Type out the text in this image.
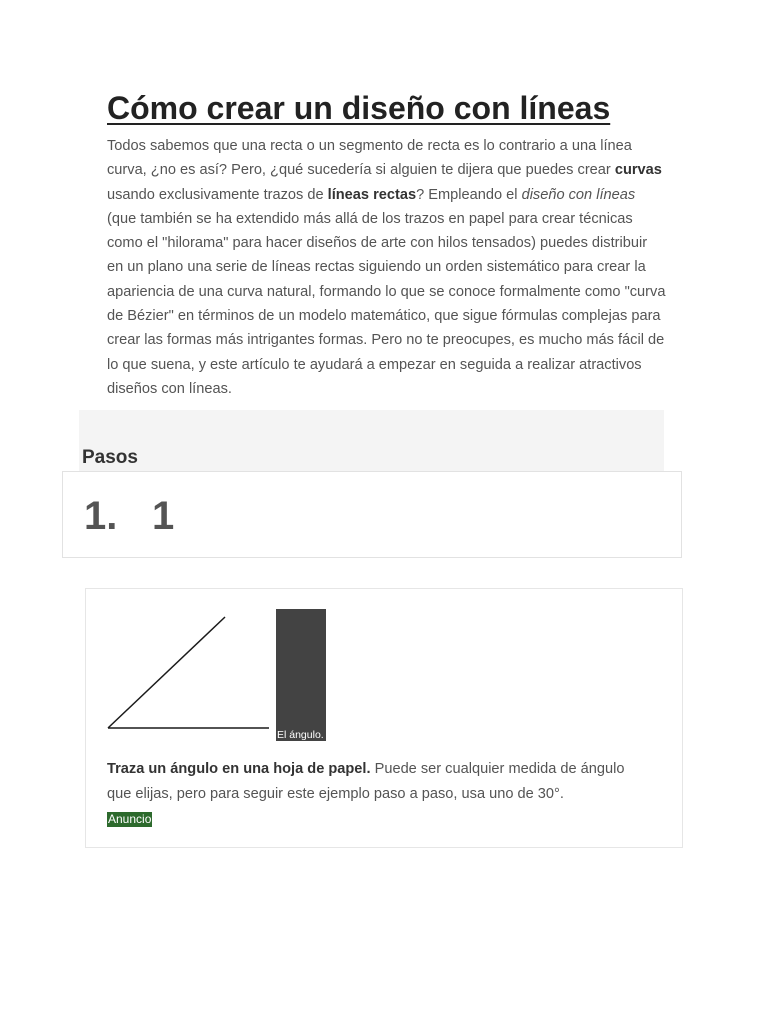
Cómo crear un diseño con líneas

Todos sabemos que una recta o un segmento de recta es lo contrario a una línea curva, ¿no es así? Pero, ¿qué sucedería si alguien te dijera que puedes crear curvas usando exclusivamente trazos de líneas rectas? Empleando el diseño con líneas (que también se ha extendido más allá de los trazos en papel para crear técnicas como el "hilorama" para hacer diseños de arte con hilos tensados) puedes distribuir en un plano una serie de líneas rectas siguiendo un orden sistemático para crear la apariencia de una curva natural, formando lo que se conoce formalmente como "curva de Bézier" en términos de un modelo matemático, que sigue fórmulas complejas para crear las formas más intrigantes formas. Pero no te preocupes, es mucho más fácil de lo que suena, y este artículo te ayudará a empezar en seguida a realizar atractivos diseños con líneas.

Pasos
1. 1
El ángulo.

Traza un ángulo en una hoja de papel. Puede ser cualquier medida de ángulo que elijas, pero para seguir este ejemplo paso a paso, usa uno de 30°.

Anuncio
